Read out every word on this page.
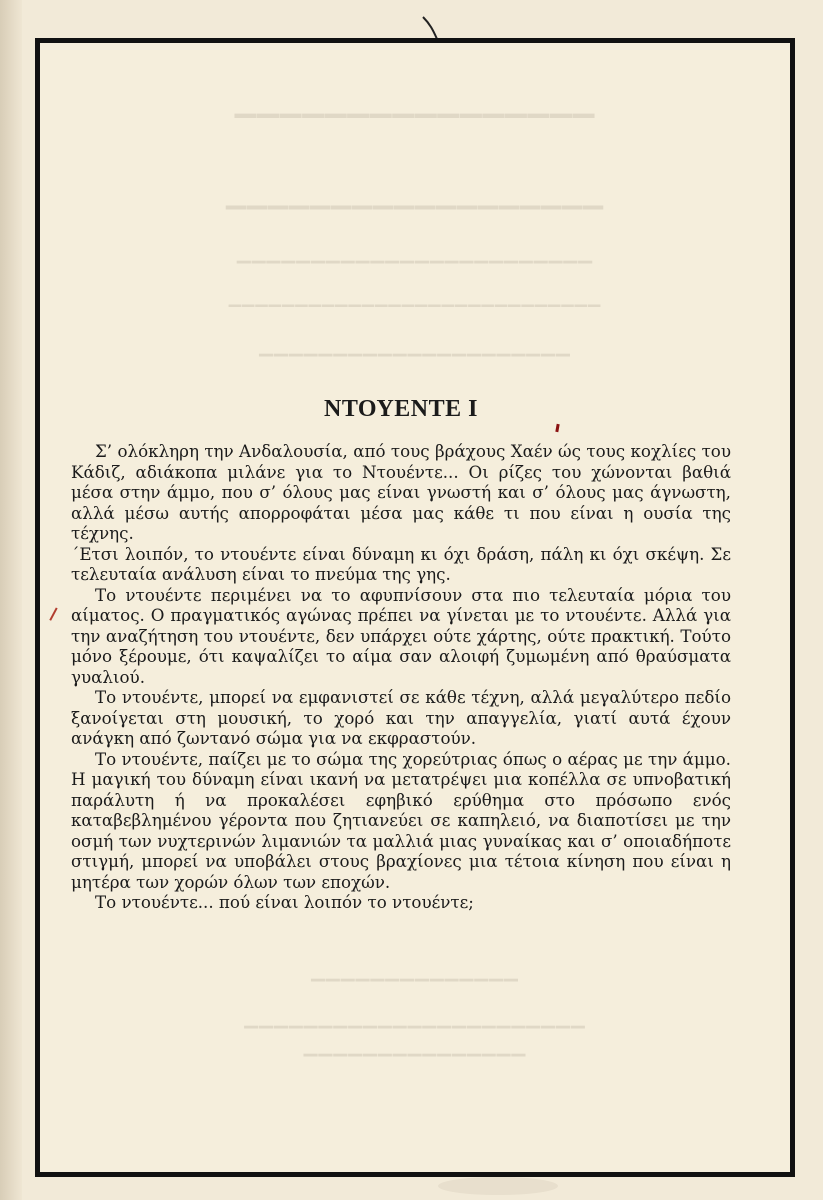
▁▁▁▁▁▁▁▁▁▁▁▁▁▁▁▁
▁▁▁▁▁▁▁▁▁▁▁▁▁▁▁▁▁▁
▁▁▁▁▁▁▁▁▁▁▁▁▁▁▁▁▁▁▁▁▁▁▁▁
▁▁▁▁▁▁▁▁▁▁▁▁▁▁▁▁▁▁▁▁▁▁▁▁▁▁▁▁
▁▁▁▁▁▁▁▁▁▁▁▁▁▁▁▁▁▁▁▁▁
▁▁▁▁▁▁▁▁▁▁▁▁▁▁
▁▁▁▁▁▁▁▁▁▁▁▁▁▁▁▁▁▁▁▁▁▁▁
▁▁▁▁▁▁▁▁▁▁▁▁▁▁▁
ΝΤΟΥΕΝΤΕ Ι

Σ’ ολόκληρη την Ανδαλουσία, από τους βράχους Χαέν ώς τους κοχλίες του Κάδιζ, αδιάκοπα μιλάνε για το Ντουέντε... Οι ρίζες του χώνονται βαθιά μέσα στην άμμο, που σ’ όλους μας είναι γνωστή και σ’ όλους μας άγνωστη, αλλά μέσω αυτής απορροφάται μέσα μας κάθε τι που είναι η ουσία της τέχνης.

΄Ετσι λοιπόν, το ντουέντε είναι δύναμη κι όχι δράση, πάλη κι όχι σκέψη. Σε τελευταία ανάλυση είναι το πνεύμα της γης.

Το ντουέντε περιμένει να το αφυπνίσουν στα πιο τελευταία μόρια του αίματος. Ο πραγματικός αγώνας πρέπει να γίνεται με το ντουέντε. Αλλά για την αναζήτηση του ντουέντε, δεν υπάρχει ούτε χάρτης, ούτε πρακτική. Τούτο μόνο ξέρουμε, ότι καψαλίζει το αίμα σαν αλοιφή ζυμωμένη από θραύσματα γυαλιού.

Το ντουέντε, μπορεί να εμφανιστεί σε κάθε τέχνη, αλλά μεγαλύτερο πεδίο ξανοίγεται στη μουσική, το χορό και την απαγγελία, γιατί αυτά έχουν ανάγκη από ζωντανό σώμα για να εκφραστούν.

Το ντουέντε, παίζει με το σώμα της χορεύτριας όπως ο αέρας με την άμμο. Η μαγική του δύναμη είναι ικανή να μετατρέψει μια κοπέλλα σε υπνοβατική παράλυτη ή να προκαλέσει εφηβικό ερύθημα στο πρόσωπο ενός καταβεβλημένου γέροντα που ζητιανεύει σε καπηλειό, να διαποτίσει με την οσμή των νυχτερινών λιμανιών τα μαλλιά μιας γυναίκας και σ’ οποιαδήποτε στιγμή, μπορεί να υποβάλει στους βραχίονες μια τέτοια κίνηση που είναι η μητέρα των χορών όλων των εποχών.

Το ντουέντε... πού είναι λοιπόν το ντουέντε;
